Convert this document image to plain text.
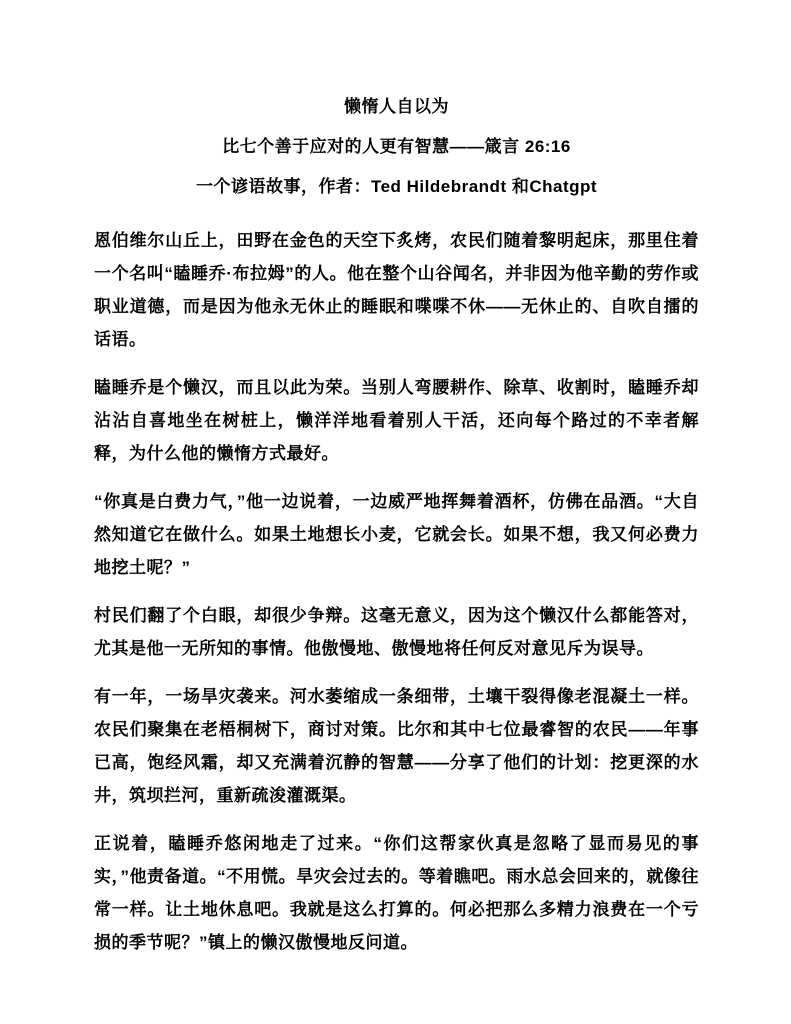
懒惰人自以为

比七个善于应对的人更有智慧——箴言 26:16

一个谚语故事，作者：Ted Hildebrandt 和Chatgpt

恩伯维尔山丘上，田野在金色的天空下炙烤，农民们随着黎明起床，那里住着一个名叫“瞌睡乔·布拉姆”的人。他在整个山谷闻名，并非因为他辛勤的劳作或职业道德，而是因为他永无休止的睡眠和喋喋不休——无休止的、自吹自擂的话语。

瞌睡乔是个懒汉，而且以此为荣。当别人弯腰耕作、除草、收割时，瞌睡乔却沾沾自喜地坐在树桩上，懒洋洋地看着别人干活，还向每个路过的不幸者解释，为什么他的懒惰方式最好。

“你真是白费力气，”他一边说着，一边威严地挥舞着酒杯，仿佛在品酒。“大自然知道它在做什么。如果土地想长小麦，它就会长。如果不想，我又何必费力地挖土呢？”

村民们翻了个白眼，却很少争辩。这毫无意义，因为这个懒汉什么都能答对，尤其是他一无所知的事情。他傲慢地、傲慢地将任何反对意见斥为误导。

有一年，一场旱灾袭来。河水萎缩成一条细带，土壤干裂得像老混凝土一样。农民们聚集在老梧桐树下，商讨对策。比尔和其中七位最睿智的农民——年事已高，饱经风霜，却又充满着沉静的智慧——分享了他们的计划：挖更深的水井，筑坝拦河，重新疏浚灌溉渠。

正说着，瞌睡乔悠闲地走了过来。“你们这帮家伙真是忽略了显而易见的事实，”他责备道。“不用慌。旱灾会过去的。等着瞧吧。雨水总会回来的，就像往常一样。让土地休息吧。我就是这么打算的。何必把那么多精力浪费在一个亏损的季节呢？”镇上的懒汉傲慢地反问道。
